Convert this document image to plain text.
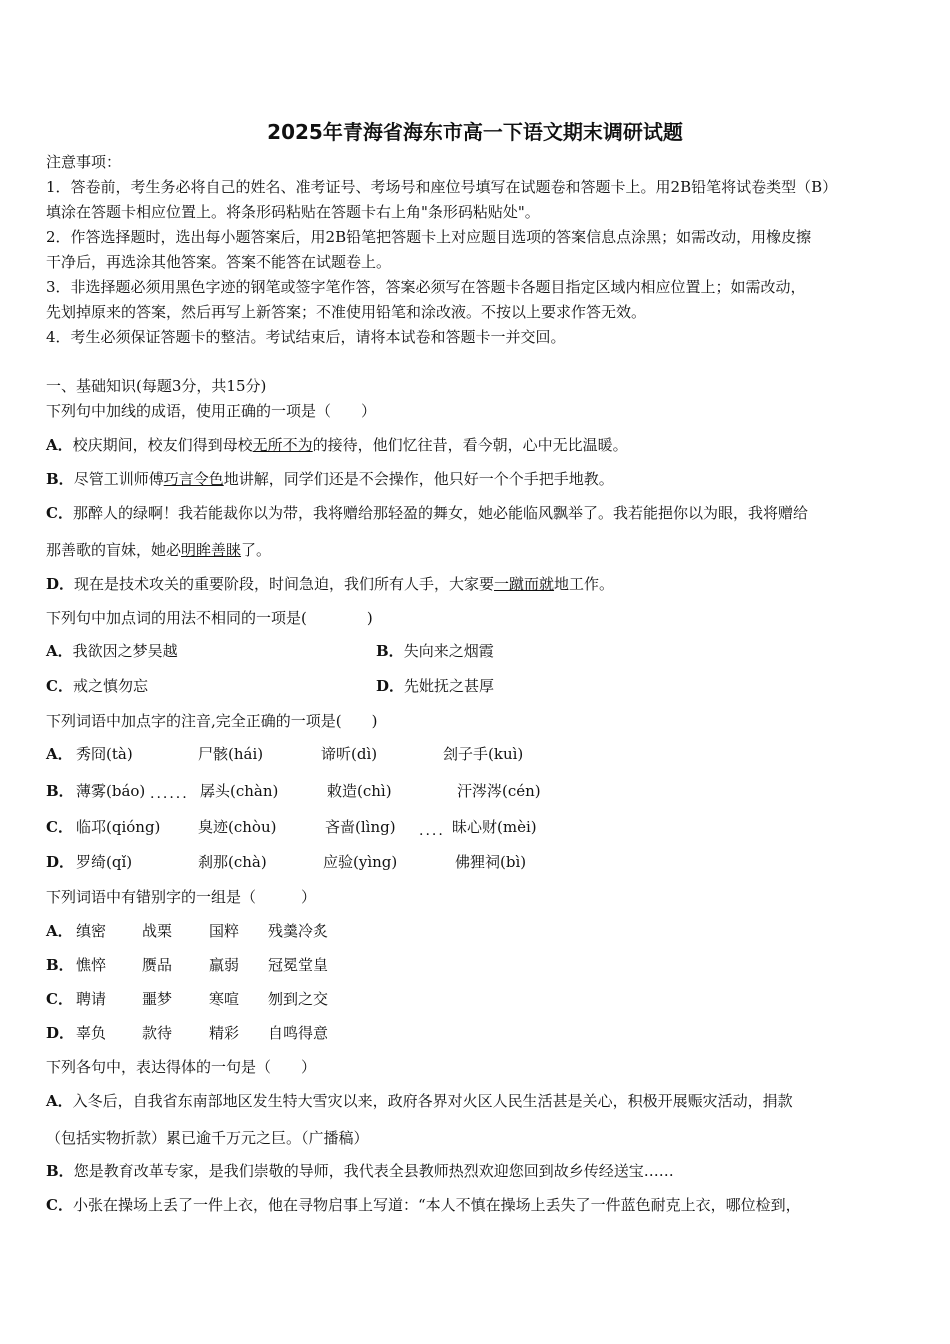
2025年青海省海东市高一下语文期末调研试题
注意事项：
1．答卷前，考生务必将自己的姓名、准考证号、考场号和座位号填写在试题卷和答题卡上。用2B铅笔将试卷类型（B）
填涂在答题卡相应位置上。将条形码粘贴在答题卡右上角"条形码粘贴处"。
2．作答选择题时，选出每小题答案后，用2B铅笔把答题卡上对应题目选项的答案信息点涂黑；如需改动，用橡皮擦
干净后，再选涂其他答案。答案不能答在试题卷上。
3．非选择题必须用黑色字迹的钢笔或签字笔作答，答案必须写在答题卡各题目指定区域内相应位置上；如需改动，
先划掉原来的答案，然后再写上新答案；不准使用铅笔和涂改液。不按以上要求作答无效。
4．考生必须保证答题卡的整洁。考试结束后，请将本试卷和答题卡一并交回。
一、基础知识(每题3分，共15分)
下列句中加线的成语，使用正确的一项是（　　）
A．校庆期间，校友们得到母校无所不为的接待，他们忆往昔，看今朝，心中无比温暖。
B．尽管工训师傅巧言令色地讲解，同学们还是不会操作，他只好一个个手把手地教。
C．那醉人的绿啊！我若能裁你以为带，我将赠给那轻盈的舞女，她必能临风飘举了。我若能挹你以为眼，我将赠给
那善歌的盲妹，她必明眸善睐了。
D．现在是技术攻关的重要阶段，时间急迫，我们所有人手，大家要一蹴而就地工作。
下列句中加点词的用法不相同的一项是(　　　　)
A．我欲因之梦吴越	B．失向来之烟霞
C．戒之慎勿忘	D．先妣抚之甚厚
下列词语中加点字的注音,完全正确的一项是(　　)
A． 秀冏(tà)	尸骸(hái)	谛听(dì)	刽子手(kuì)
B． 薄雾(báo) ...... 孱头(chàn)	敕造(chì)	汗涔涔(cén)
C． 临邛(qióng)	臭迹(chòu)	吝啬(lìng) .... 昧心财(mèi)
D． 罗绮(qǐ)	刹那(chà)	应验(yìng)	佛狸祠(bì)
下列词语中有错别字的一组是（　　　）
A． 缜密 战栗 国粹 残羹冷炙
B． 憔悴 赝品 羸弱 冠冕堂皇
C． 聘请 噩梦 寒喧 刎到之交
D． 辜负 款待 精彩 自鸣得意
下列各句中，表达得体的一句是（　　）
A．入冬后，自我省东南部地区发生特大雪灾以来，政府各界对火区人民生活甚是关心，积极开展赈灾活动，捐款
（包括实物折款）累已逾千万元之巨。（广播稿）
B．您是教育改革专家，是我们崇敬的导师，我代表全县教师热烈欢迎您回到故乡传经送宝……
C．小张在操场上丢了一件上衣，他在寻物启事上写道：“本人不慎在操场上丢失了一件蓝色耐克上衣，哪位检到，
